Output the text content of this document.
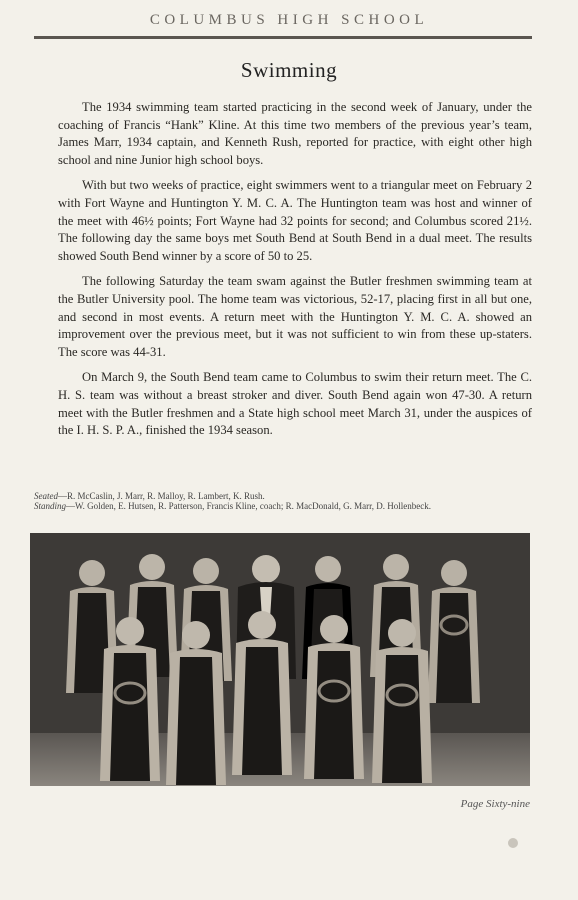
COLUMBUS HIGH SCHOOL
Swimming

The 1934 swimming team started practicing in the second week of January, under the coaching of Francis “Hank” Kline. At this time two members of the previous year’s team, James Marr, 1934 captain, and Kenneth Rush, reported for practice, with eight other high school and nine Junior high school boys.

With but two weeks of practice, eight swimmers went to a triangular meet on February 2 with Fort Wayne and Huntington Y. M. C. A. The Huntington team was host and winner of the meet with 46½ points; Fort Wayne had 32 points for second; and Columbus scored 21½. The following day the same boys met South Bend at South Bend in a dual meet. The results showed South Bend winner by a score of 50 to 25.

The following Saturday the team swam against the Butler freshmen swimming team at the Butler University pool. The home team was victorious, 52-17, placing first in all but one, and second in most events. A return meet with the Huntington Y. M. C. A. showed an improvement over the previous meet, but it was not sufficient to win from these up-staters. The score was 44-31.

On March 9, the South Bend team came to Columbus to swim their return meet. The C. H. S. team was without a breast stroker and diver. South Bend again won 47-30. A return meet with the Butler freshmen and a State high school meet March 31, under the auspices of the I. H. S. P. A., finished the 1934 season.

Seated—R. McCaslin, J. Marr, R. Malloy, R. Lambert, K. Rush.
Standing—W. Golden, E. Hutsen, R. Patterson, Francis Kline, coach; R. MacDonald, G. Marr, D. Hollenbeck.
Page Sixty-nine
